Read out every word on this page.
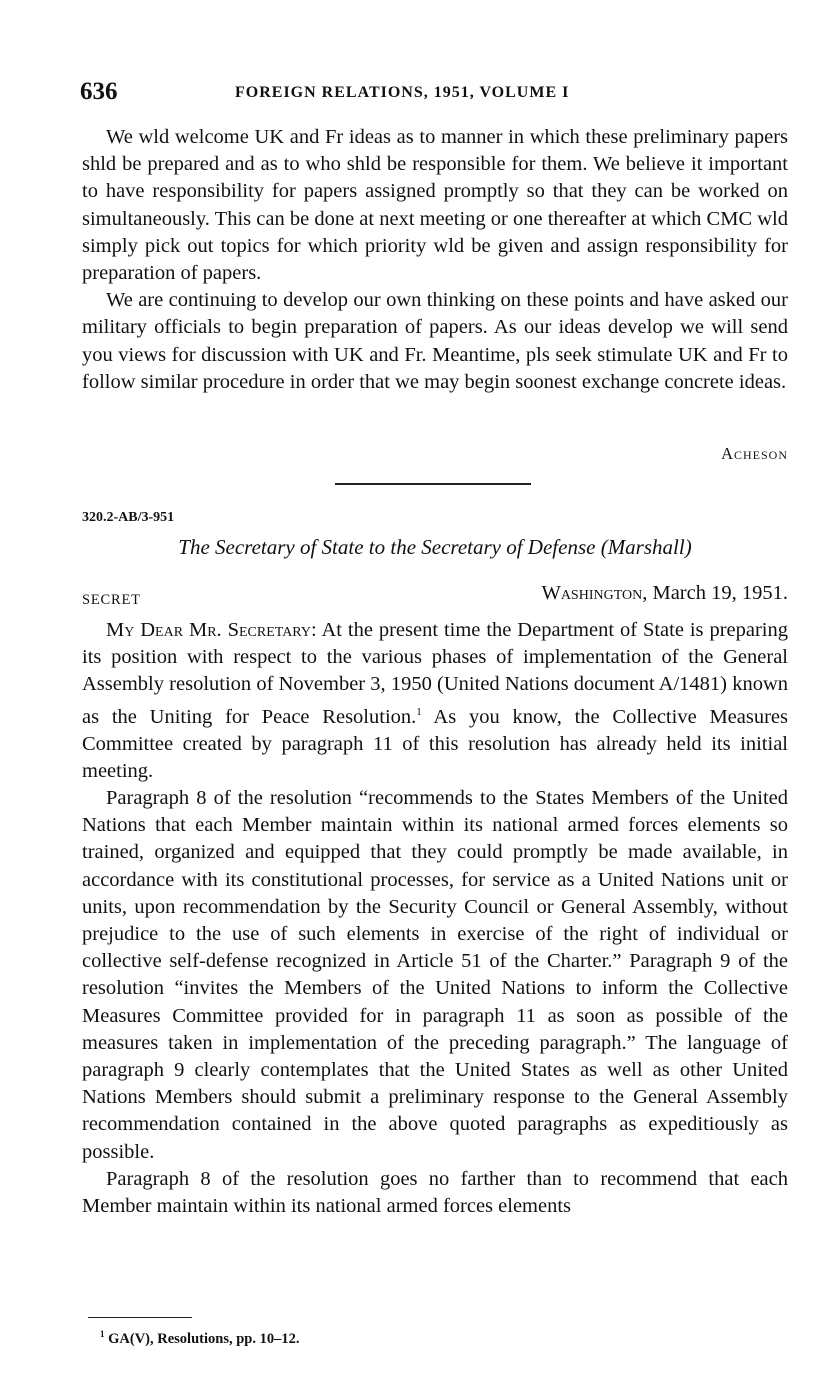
636	FOREIGN RELATIONS, 1951, VOLUME I

We wld welcome UK and Fr ideas as to manner in which these preliminary papers shld be prepared and as to who shld be responsible for them. We believe it important to have responsibility for papers assigned promptly so that they can be worked on simultaneously. This can be done at next meeting or one thereafter at which CMC wld simply pick out topics for which priority wld be given and assign responsibility for preparation of papers.

We are continuing to develop our own thinking on these points and have asked our military officials to begin preparation of papers. As our ideas develop we will send you views for discussion with UK and Fr. Meantime, pls seek stimulate UK and Fr to follow similar procedure in order that we may begin soonest exchange concrete ideas.

Acheson
320.2-AB/3-951
The Secretary of State to the Secretary of Defense (Marshall)
SECRET	Washington, March 19, 1951.

My Dear Mr. Secretary: At the present time the Department of State is preparing its position with respect to the various phases of implementation of the General Assembly resolution of November 3, 1950 (United Nations document A/1481) known as the Uniting for Peace Resolution.$^1$ As you know, the Collective Measures Committee created by paragraph 11 of this resolution has already held its initial meeting.

Paragraph 8 of the resolution “recommends to the States Members of the United Nations that each Member maintain within its national armed forces elements so trained, organized and equipped that they could promptly be made available, in accordance with its constitutional processes, for service as a United Nations unit or units, upon recommendation by the Security Council or General Assembly, without prejudice to the use of such elements in exercise of the right of individual or collective self-defense recognized in Article 51 of the Charter.” Paragraph 9 of the resolution “invites the Members of the United Nations to inform the Collective Measures Committee provided for in paragraph 11 as soon as possible of the measures taken in implementation of the preceding paragraph.” The language of paragraph 9 clearly contemplates that the United States as well as other United Nations Members should submit a preliminary response to the General Assembly recommendation contained in the above quoted paragraphs as expeditiously as possible.

Paragraph 8 of the resolution goes no farther than to recommend that each Member maintain within its national armed forces elements

$^1$ GA(V), Resolutions, pp. 10–12.
